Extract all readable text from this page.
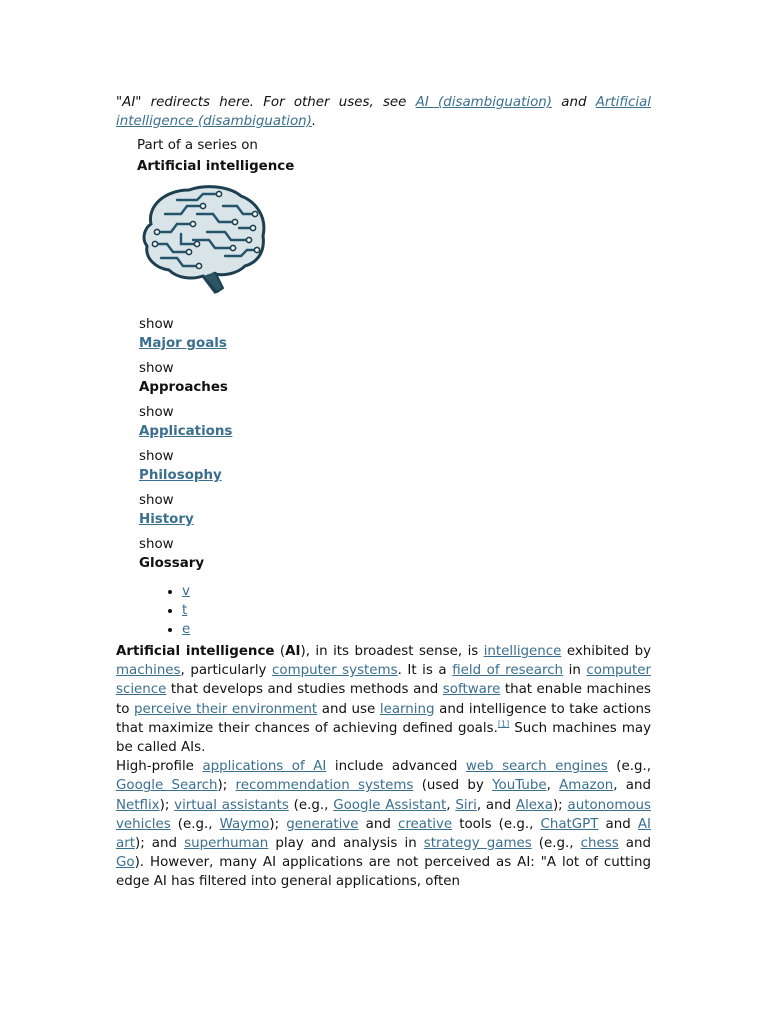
"AI" redirects here. For other uses, see AI (disambiguation) and Artificial intelligence (disambiguation).

Part of a series on
Artificial intelligence
show
Major goals
show
Approaches
show
Applications
show
Philosophy
show
History
show
Glossary
• v
• t
• e

Artificial intelligence (AI), in its broadest sense, is intelligence exhibited by machines, particularly computer systems. It is a field of research in computer science that develops and studies methods and software that enable machines to perceive their environment and use learning and intelligence to take actions that maximize their chances of achieving defined goals.[1] Such machines may be called AIs.

High-profile applications of AI include advanced web search engines (e.g., Google Search); recommendation systems (used by YouTube, Amazon, and Netflix); virtual assistants (e.g., Google Assistant, Siri, and Alexa); autonomous vehicles (e.g., Waymo); generative and creative tools (e.g., ChatGPT and AI art); and superhuman play and analysis in strategy games (e.g., chess and Go). However, many AI applications are not perceived as AI: "A lot of cutting edge AI has filtered into general applications, often
